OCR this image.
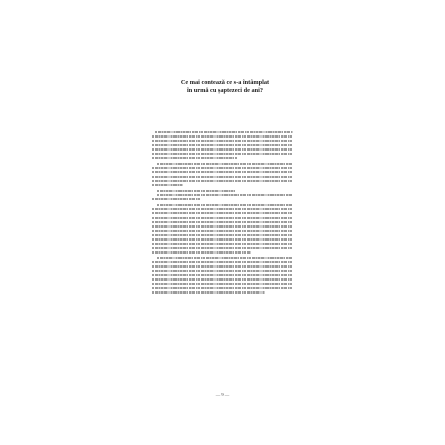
Ce mai contează ce s-a întâmplat
în urmă cu șaptezeci de ani?
— 9 —
